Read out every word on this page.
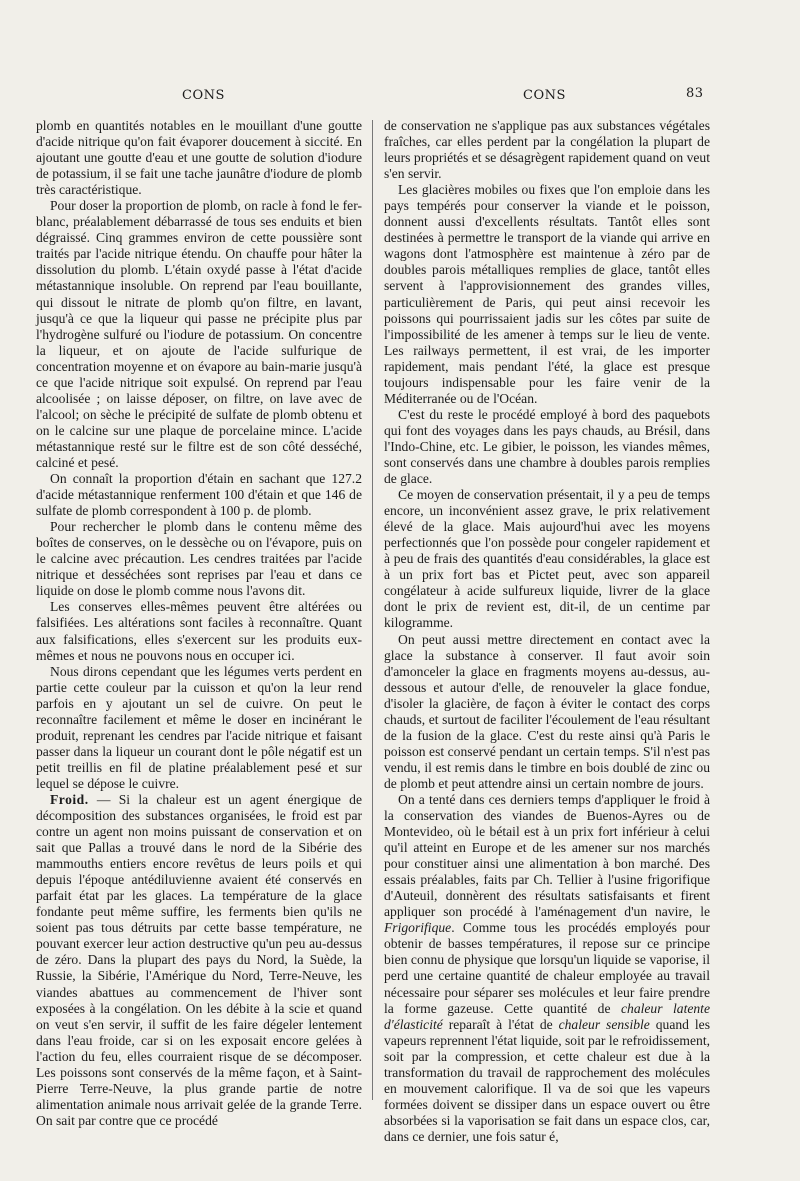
CONS	CONS	83

plomb en quantités notables en le mouillant d'une goutte d'acide nitrique qu'on fait évaporer doucement à siccité. En ajoutant une goutte d'eau et une goutte de solution d'iodure de potassium, il se fait une tache jaunâtre d'iodure de plomb très caractéristique.

Pour doser la proportion de plomb, on racle à fond le fer-blanc, préalablement débarrassé de tous ses enduits et bien dégraissé. Cinq grammes environ de cette poussière sont traités par l'acide nitrique étendu. On chauffe pour hâter la dissolution du plomb. L'étain oxydé passe à l'état d'acide métastannique insoluble. On reprend par l'eau bouillante, qui dissout le nitrate de plomb qu'on filtre, en lavant, jusqu'à ce que la liqueur qui passe ne précipite plus par l'hydrogène sulfuré ou l'iodure de potassium. On concentre la liqueur, et on ajoute de l'acide sulfurique de concentration moyenne et on évapore au bain-marie jusqu'à ce que l'acide nitrique soit expulsé. On reprend par l'eau alcoolisée ; on laisse déposer, on filtre, on lave avec de l'alcool; on sèche le précipité de sulfate de plomb obtenu et on le calcine sur une plaque de porcelaine mince. L'acide métastannique resté sur le filtre est de son côté desséché, calciné et pesé.

On connaît la proportion d'étain en sachant que 127.2 d'acide métastannique renferment 100 d'étain et que 146 de sulfate de plomb correspondent à 100 p. de plomb.

Pour rechercher le plomb dans le contenu même des boîtes de conserves, on le dessèche ou on l'évapore, puis on le calcine avec précaution. Les cendres traitées par l'acide nitrique et desséchées sont reprises par l'eau et dans ce liquide on dose le plomb comme nous l'avons dit.

Les conserves elles-mêmes peuvent être altérées ou falsifiées. Les altérations sont faciles à reconnaître. Quant aux falsifications, elles s'exercent sur les produits eux-mêmes et nous ne pouvons nous en occuper ici.

Nous dirons cependant que les légumes verts perdent en partie cette couleur par la cuisson et qu'on la leur rend parfois en y ajoutant un sel de cuivre. On peut le reconnaître facilement et même le doser en incinérant le produit, reprenant les cendres par l'acide nitrique et faisant passer dans la liqueur un courant dont le pôle négatif est un petit treillis en fil de platine préalablement pesé et sur lequel se dépose le cuivre.

Froid. — Si la chaleur est un agent énergique de décomposition des substances organisées, le froid est par contre un agent non moins puissant de conservation et on sait que Pallas a trouvé dans le nord de la Sibérie des mammouths entiers encore revêtus de leurs poils et qui depuis l'époque antédiluvienne avaient été conservés en parfait état par les glaces. La température de la glace fondante peut même suffire, les ferments bien qu'ils ne soient pas tous détruits par cette basse température, ne pouvant exercer leur action destructive qu'un peu au-dessus de zéro. Dans la plupart des pays du Nord, la Suède, la Russie, la Sibérie, l'Amérique du Nord, Terre-Neuve, les viandes abattues au commencement de l'hiver sont exposées à la congélation. On les débite à la scie et quand on veut s'en servir, il suffit de les faire dégeler lentement dans l'eau froide, car si on les exposait encore gelées à l'action du feu, elles courraient risque de se décomposer. Les poissons sont conservés de la même façon, et à Saint-Pierre Terre-Neuve, la plus grande partie de notre alimentation animale nous arrivait gelée de la grande Terre. On sait par contre que ce procédé

de conservation ne s'applique pas aux substances végétales fraîches, car elles perdent par la congélation la plupart de leurs propriétés et se désagrègent rapidement quand on veut s'en servir.

Les glacières mobiles ou fixes que l'on emploie dans les pays tempérés pour conserver la viande et le poisson, donnent aussi d'excellents résultats. Tantôt elles sont destinées à permettre le transport de la viande qui arrive en wagons dont l'atmosphère est maintenue à zéro par de doubles parois métalliques remplies de glace, tantôt elles servent à l'approvisionnement des grandes villes, particulièrement de Paris, qui peut ainsi recevoir les poissons qui pourrissaient jadis sur les côtes par suite de l'impossibilité de les amener à temps sur le lieu de vente. Les railways permettent, il est vrai, de les importer rapidement, mais pendant l'été, la glace est presque toujours indispensable pour les faire venir de la Méditerranée ou de l'Océan.

C'est du reste le procédé employé à bord des paquebots qui font des voyages dans les pays chauds, au Brésil, dans l'Indo-Chine, etc. Le gibier, le poisson, les viandes mêmes, sont conservés dans une chambre à doubles parois remplies de glace.

Ce moyen de conservation présentait, il y a peu de temps encore, un inconvénient assez grave, le prix relativement élevé de la glace. Mais aujourd'hui avec les moyens perfectionnés que l'on possède pour congeler rapidement et à peu de frais des quantités d'eau considérables, la glace est à un prix fort bas et Pictet peut, avec son appareil congélateur à acide sulfureux liquide, livrer de la glace dont le prix de revient est, dit-il, de un centime par kilogramme.

On peut aussi mettre directement en contact avec la glace la substance à conserver. Il faut avoir soin d'amonceler la glace en fragments moyens au-dessus, au-dessous et autour d'elle, de renouveler la glace fondue, d'isoler la glacière, de façon à éviter le contact des corps chauds, et surtout de faciliter l'écoulement de l'eau résultant de la fusion de la glace. C'est du reste ainsi qu'à Paris le poisson est conservé pendant un certain temps. S'il n'est pas vendu, il est remis dans le timbre en bois doublé de zinc ou de plomb et peut attendre ainsi un certain nombre de jours.

On a tenté dans ces derniers temps d'appliquer le froid à la conservation des viandes de Buenos-Ayres ou de Montevideo, où le bétail est à un prix fort inférieur à celui qu'il atteint en Europe et de les amener sur nos marchés pour constituer ainsi une alimentation à bon marché. Des essais préalables, faits par Ch. Tellier à l'usine frigorifique d'Auteuil, donnèrent des résultats satisfaisants et firent appliquer son procédé à l'aménagement d'un navire, le Frigorifique. Comme tous les procédés employés pour obtenir de basses températures, il repose sur ce principe bien connu de physique que lorsqu'un liquide se vaporise, il perd une certaine quantité de chaleur employée au travail nécessaire pour séparer ses molécules et leur faire prendre la forme gazeuse. Cette quantité de chaleur latente d'élasticité reparaît à l'état de chaleur sensible quand les vapeurs reprennent l'état liquide, soit par le refroidissement, soit par la compression, et cette chaleur est due à la transformation du travail de rapprochement des molécules en mouvement calorifique. Il va de soi que les vapeurs formées doivent se dissiper dans un espace ouvert ou être absorbées si la vaporisation se fait dans un espace clos, car, dans ce dernier, une fois satur é,
